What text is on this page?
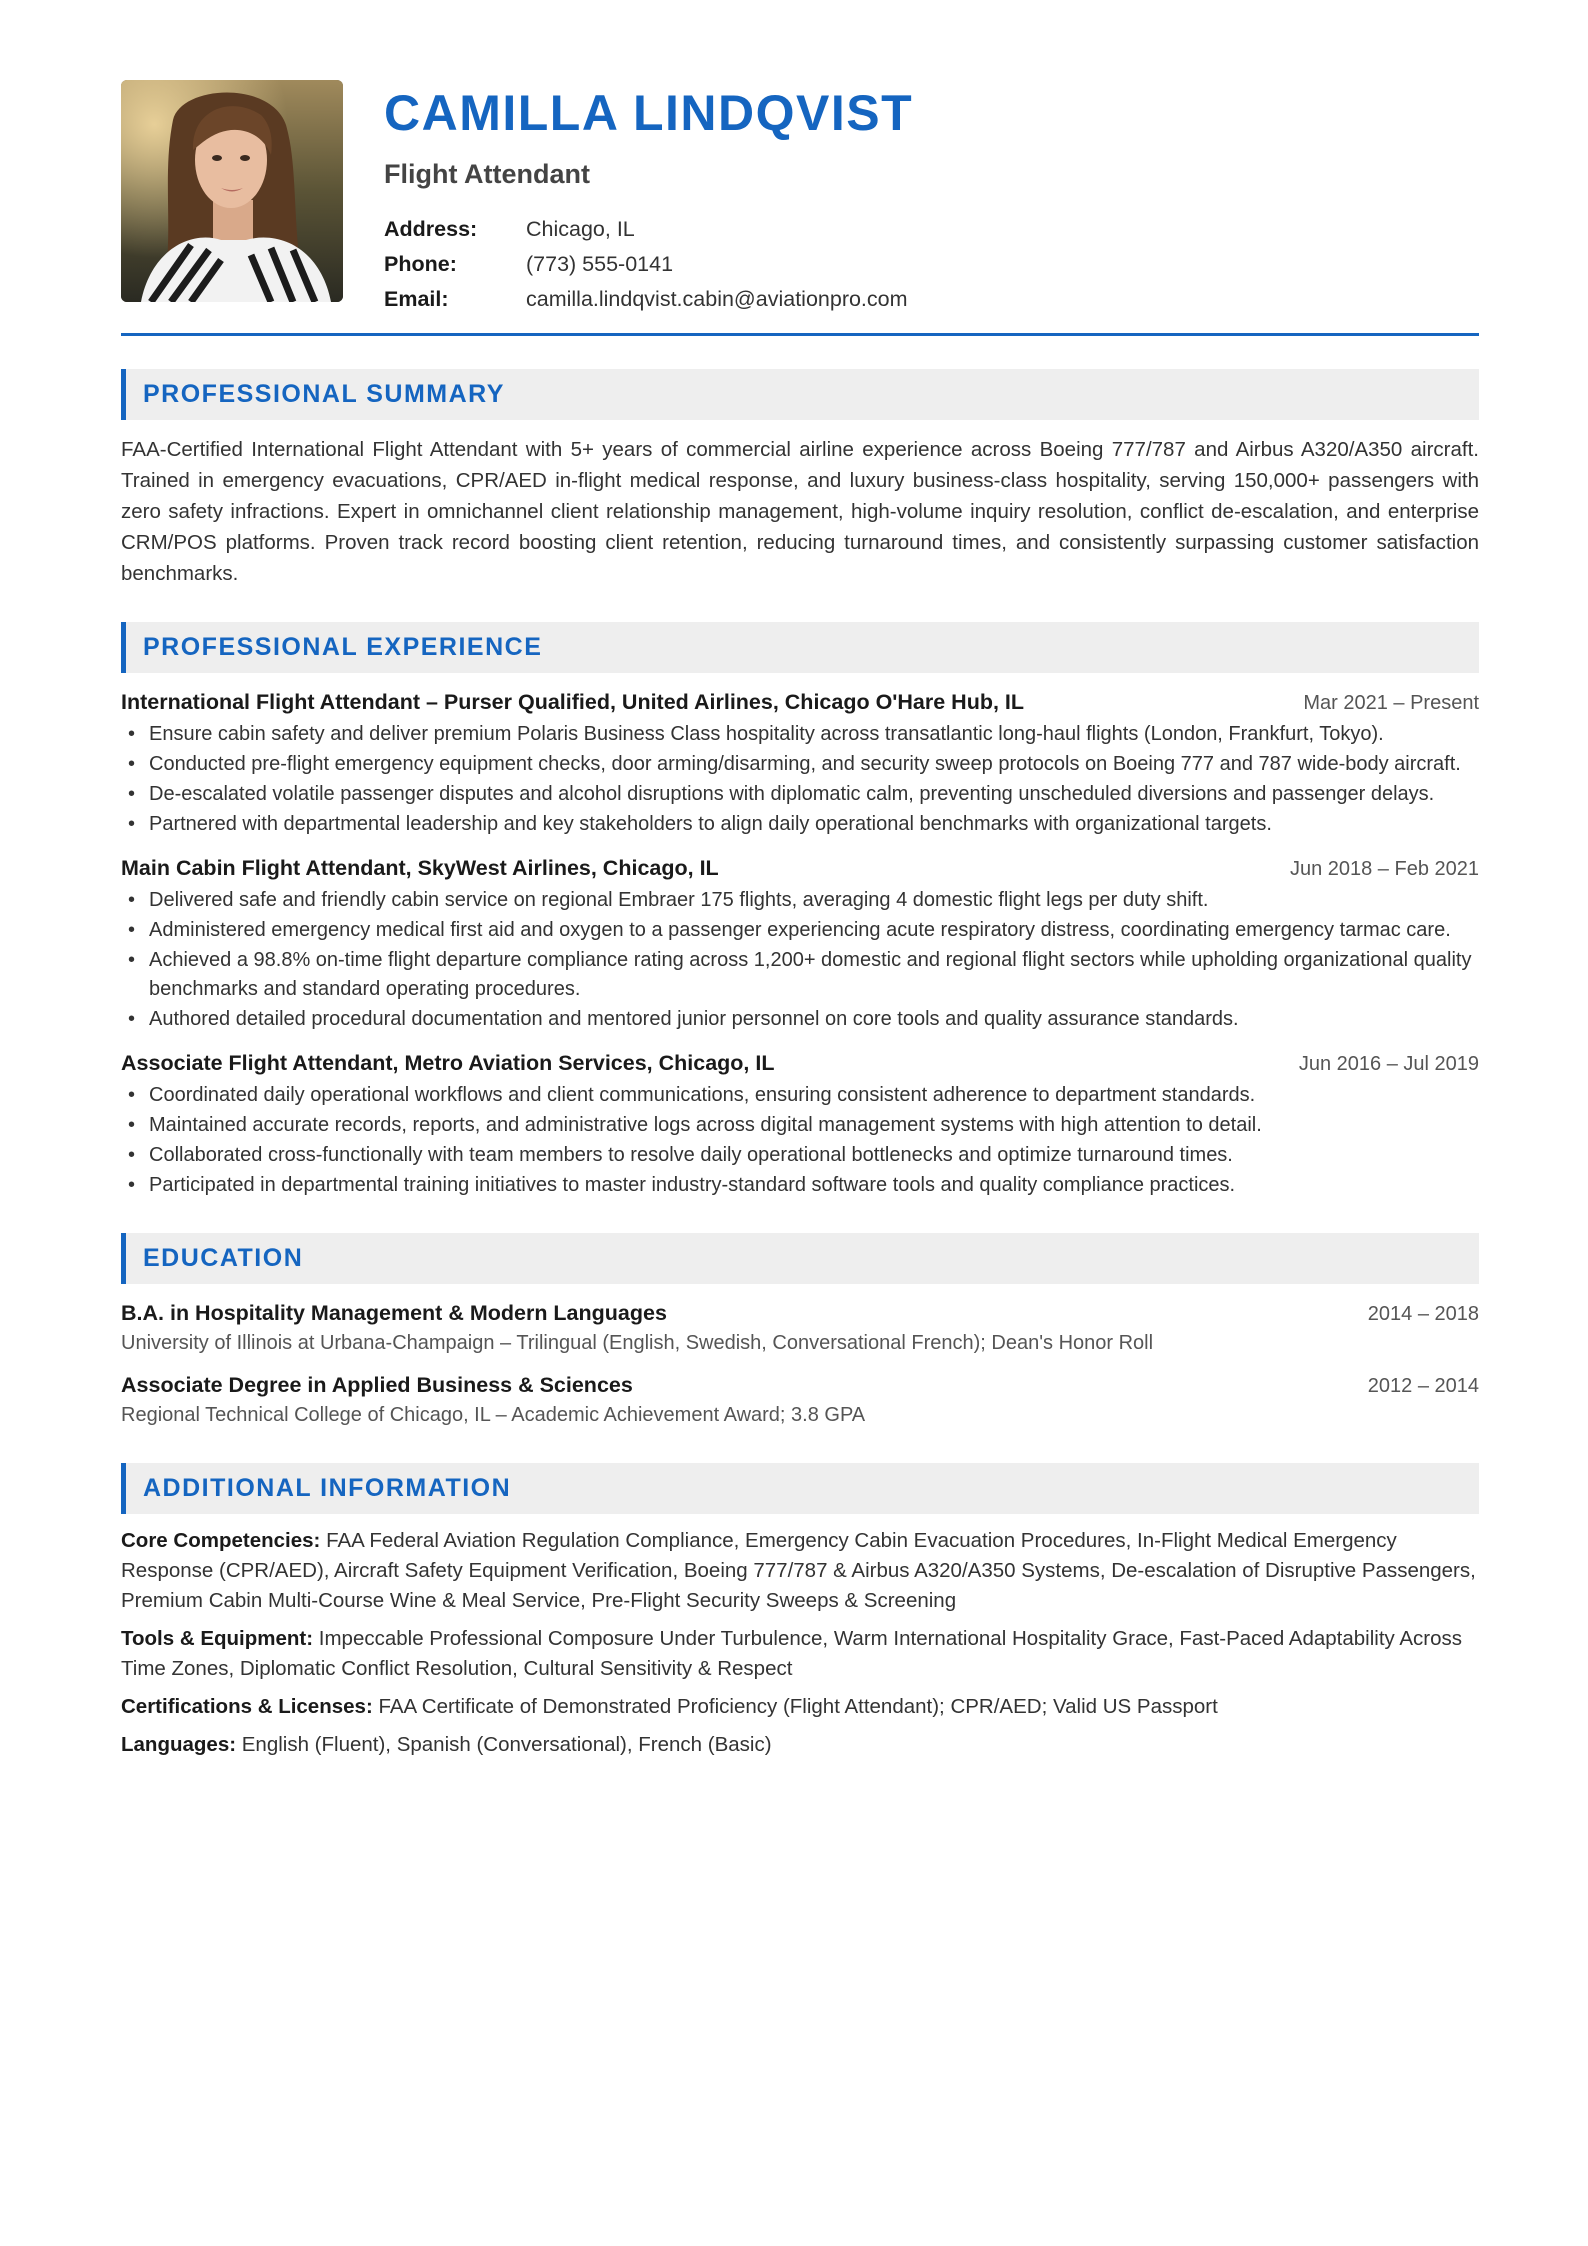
CAMILLA LINDQVIST
Flight Attendant
Address:	Chicago, IL
Phone:	(773) 555-0141
Email:	camilla.lindqvist.cabin@aviationpro.com
PROFESSIONAL SUMMARY

FAA-Certified International Flight Attendant with 5+ years of commercial airline experience across Boeing 777/787 and Airbus A320/A350 aircraft. Trained in emergency evacuations, CPR/AED in-flight medical response, and luxury business-class hospitality, serving 150,000+ passengers with zero safety infractions. Expert in omnichannel client relationship management, high-volume inquiry resolution, conflict de-escalation, and enterprise CRM/POS platforms. Proven track record boosting client retention, reducing turnaround times, and consistently surpassing customer satisfaction benchmarks.

PROFESSIONAL EXPERIENCE
International Flight Attendant – Purser Qualified, United Airlines, Chicago O'Hare Hub, IL	Mar 2021 – Present
• Ensure cabin safety and deliver premium Polaris Business Class hospitality across transatlantic long-haul flights (London, Frankfurt, Tokyo).
• Conducted pre-flight emergency equipment checks, door arming/disarming, and security sweep protocols on Boeing 777 and 787 wide-body aircraft.
• De-escalated volatile passenger disputes and alcohol disruptions with diplomatic calm, preventing unscheduled diversions and passenger delays.
• Partnered with departmental leadership and key stakeholders to align daily operational benchmarks with organizational targets.
Main Cabin Flight Attendant, SkyWest Airlines, Chicago, IL	Jun 2018 – Feb 2021
• Delivered safe and friendly cabin service on regional Embraer 175 flights, averaging 4 domestic flight legs per duty shift.
• Administered emergency medical first aid and oxygen to a passenger experiencing acute respiratory distress, coordinating emergency tarmac care.
• Achieved a 98.8% on-time flight departure compliance rating across 1,200+ domestic and regional flight sectors while upholding organizational quality benchmarks and standard operating procedures.
• Authored detailed procedural documentation and mentored junior personnel on core tools and quality assurance standards.
Associate Flight Attendant, Metro Aviation Services, Chicago, IL	Jun 2016 – Jul 2019
• Coordinated daily operational workflows and client communications, ensuring consistent adherence to department standards.
• Maintained accurate records, reports, and administrative logs across digital management systems with high attention to detail.
• Collaborated cross-functionally with team members to resolve daily operational bottlenecks and optimize turnaround times.
• Participated in departmental training initiatives to master industry-standard software tools and quality compliance practices.
EDUCATION
B.A. in Hospitality Management & Modern Languages	2014 – 2018
University of Illinois at Urbana-Champaign – Trilingual (English, Swedish, Conversational French); Dean's Honor Roll
Associate Degree in Applied Business & Sciences	2012 – 2014
Regional Technical College of Chicago, IL – Academic Achievement Award; 3.8 GPA
ADDITIONAL INFORMATION

Core Competencies: FAA Federal Aviation Regulation Compliance, Emergency Cabin Evacuation Procedures, In-Flight Medical Emergency Response (CPR/AED), Aircraft Safety Equipment Verification, Boeing 777/787 & Airbus A320/A350 Systems, De-escalation of Disruptive Passengers, Premium Cabin Multi-Course Wine & Meal Service, Pre-Flight Security Sweeps & Screening

Tools & Equipment: Impeccable Professional Composure Under Turbulence, Warm International Hospitality Grace, Fast-Paced Adaptability Across Time Zones, Diplomatic Conflict Resolution, Cultural Sensitivity & Respect

Certifications & Licenses: FAA Certificate of Demonstrated Proficiency (Flight Attendant); CPR/AED; Valid US Passport

Languages: English (Fluent), Spanish (Conversational), French (Basic)
